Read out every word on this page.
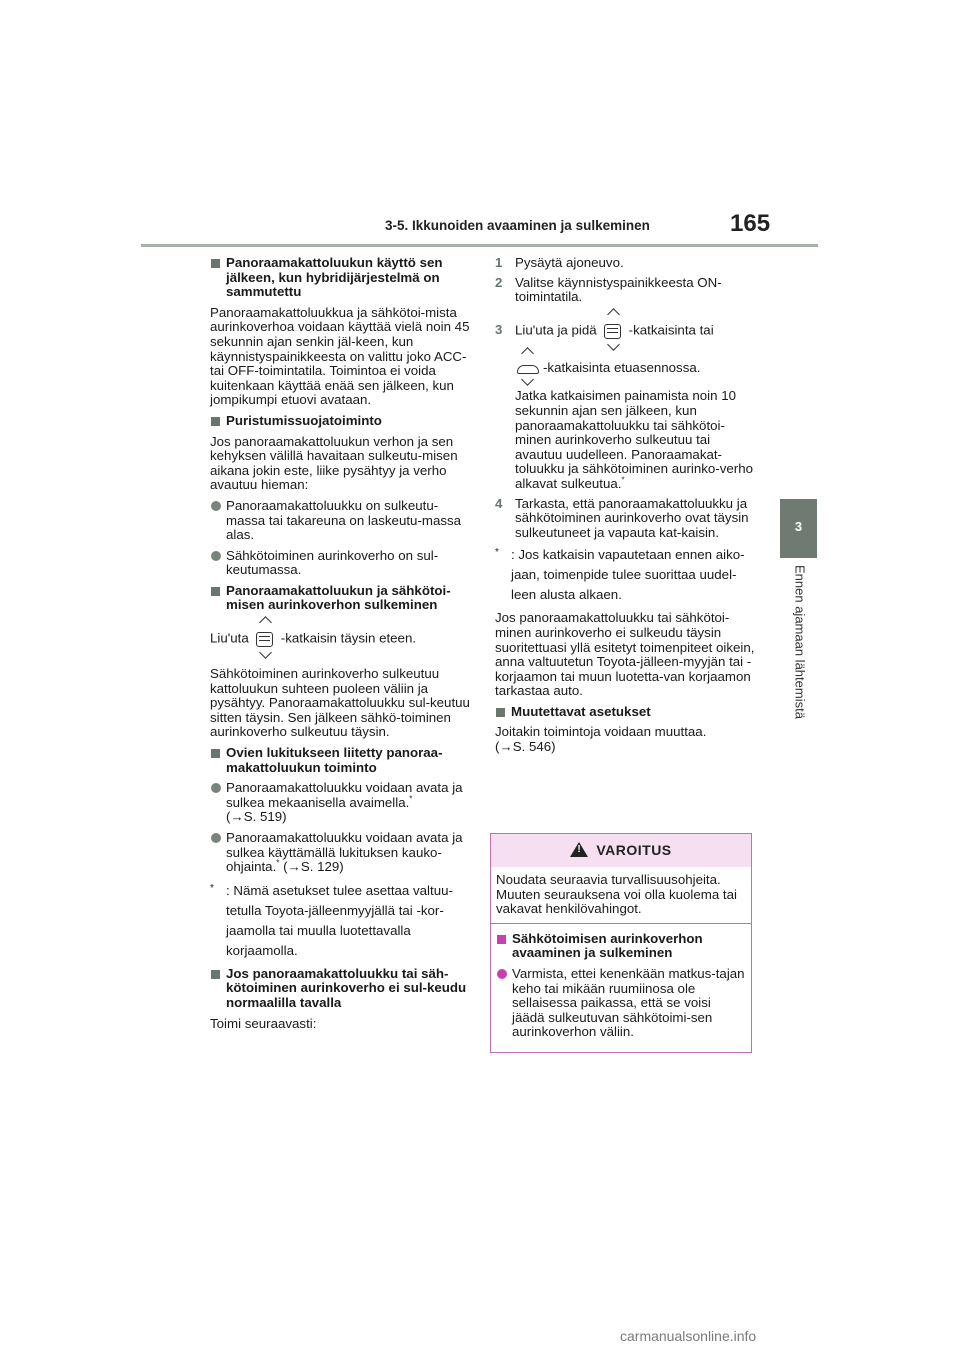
3-5. Ikkunoiden avaaminen ja sulkeminen	165
3
Ennen ajamaan lähtemistä
Panoraamakattoluukun käyttö sen jälkeen, kun hybridijärjestelmä on sammutettu

Panoraamakattoluukkua ja sähkötoi-mista aurinkoverhoa voidaan käyttää vielä noin 45 sekunnin ajan senkin jäl-keen, kun käynnistyspainikkeesta on valittu joko ACC- tai OFF-toimintatila. Toimintoa ei voida kuitenkaan käyttää enää sen jälkeen, kun jompikumpi etuovi avataan.

Puristumissuojatoiminto

Jos panoraamakattoluukun verhon ja sen kehyksen välillä havaitaan sulkeutu-misen aikana jokin este, liike pysähtyy ja verho avautuu hieman:

Panoraamakattoluukku on sulkeutu-massa tai takareuna on laskeutu-massa alas.
Sähkötoiminen aurinkoverho on sul-keutumassa.
Panoraamakattoluukun ja sähkötoi-misen aurinkoverhon sulkeminen

Liu'uta -katkaisin täysin eteen.

Sähkötoiminen aurinkoverho sulkeutuu kattoluukun suhteen puoleen väliin ja pysähtyy. Panoraamakattoluukku sul-keutuu sitten täysin. Sen jälkeen sähkö-toiminen aurinkoverho sulkeutuu täysin.

Ovien lukitukseen liitetty panoraa-makattoluukun toiminto
Panoraamakattoluukku voidaan avata ja sulkea mekaanisella avaimella.*
(→S. 519)
Panoraamakattoluukku voidaan avata ja sulkea käyttämällä lukituksen kauko-ohjainta.* (→S. 129)
* : Nämä asetukset tulee asettaa valtuu-tetulla Toyota-jälleenmyyjällä tai -kor-jaamolla tai muulla luotettavalla korjaamolla.
Jos panoraamakattoluukku tai säh-kötoiminen aurinkoverho ei sul-keudu normaalilla tavalla

Toimi seuraavasti:

1 Pysäytä ajoneuvo.
2 Valitse käynnistyspainikkeesta ON-toimintatila.
3 Liu'uta ja pidä -katkaisinta tai
-katkaisinta etuasennossa.
Jatka katkaisimen painamista noin 10 sekunnin ajan sen jälkeen, kun panoraamakattoluukku tai sähkötoi-minen aurinkoverho sulkeutuu tai avautuu uudelleen. Panoraamakat-toluukku ja sähkötoiminen aurinko-verho alkavat sulkeutua.*
4 Tarkasta, että panoraamakattoluukku ja sähkötoiminen aurinkoverho ovat täysin sulkeutuneet ja vapauta kat-kaisin.
* : Jos katkaisin vapautetaan ennen aiko-jaan, toimenpide tulee suorittaa uudel-leen alusta alkaen.

Jos panoraamakattoluukku tai sähkötoi-minen aurinkoverho ei sulkeudu täysin suoritettuasi yllä esitetyt toimenpiteet oikein, anna valtuutetun Toyota-jälleen-myyjän tai -korjaamon tai muun luotetta-van korjaamon tarkastaa auto.

Muutettavat asetukset

Joitakin toimintoja voidaan muuttaa.
(→S. 546)

!VAROITUS

Noudata seuraavia turvallisuusohjeita. Muuten seurauksena voi olla kuolema tai vakavat henkilövahingot.

Sähkötoimisen aurinkoverhon avaaminen ja sulkeminen
Varmista, ettei kenenkään matkus-tajan keho tai mikään ruumiinosa ole sellaisessa paikassa, että se voisi jäädä sulkeutuvan sähkötoimi-sen aurinkoverhon väliin.
carmanualsonline.info
